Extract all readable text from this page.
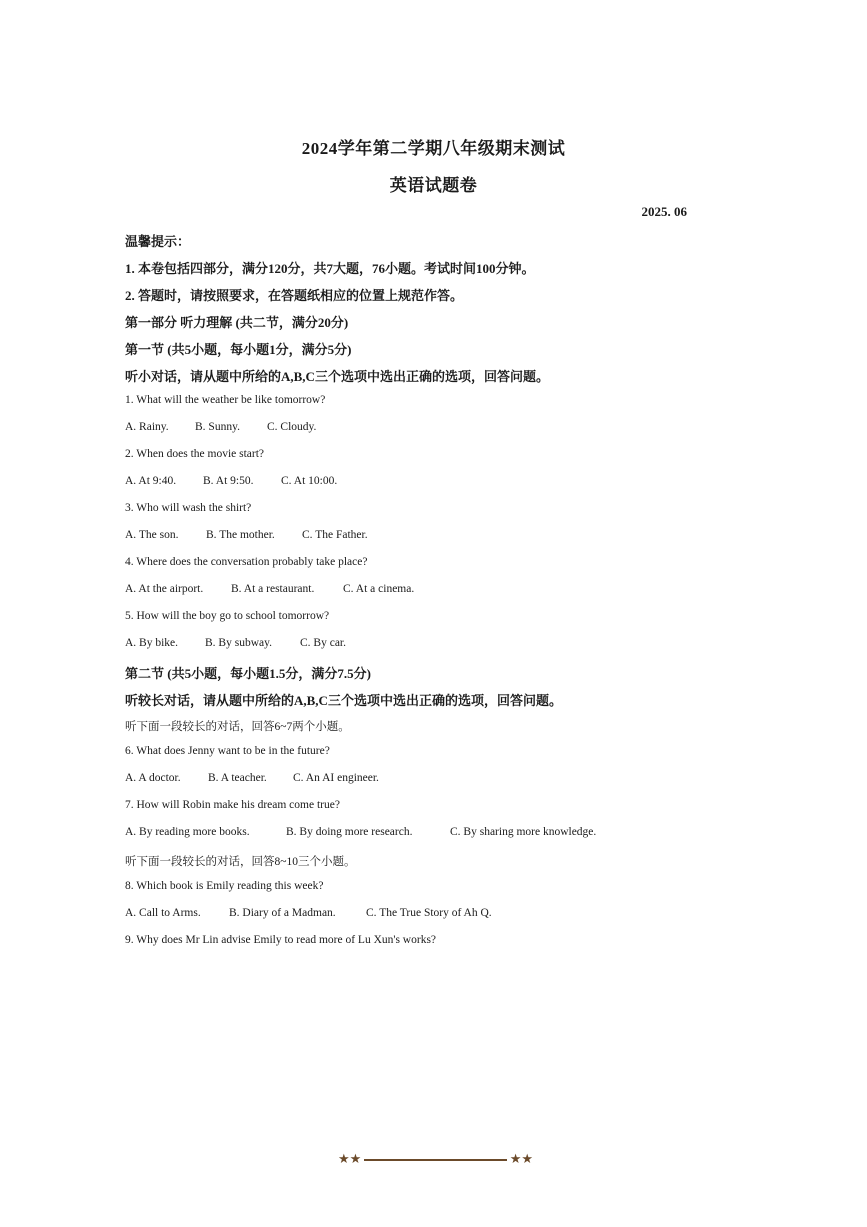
2024学年第二学期八年级期末测试
英语试题卷
2025. 06
温馨提示：
1. 本卷包括四部分，满分120分，共7大题，76小题。考试时间100分钟。
2. 答题时，请按照要求，在答题纸相应的位置上规范作答。
第一部分 听力理解 (共二节，满分20分)
第一节 (共5小题，每小题1分，满分5分)
听小对话，请从题中所给的A,B,C三个选项中选出正确的选项，回答问题。
1. What will the weather be like tomorrow?
A. Rainy. B. Sunny. C. Cloudy.
2. When does the movie start?
A. At 9:40. B. At 9:50. C. At 10:00.
3. Who will wash the shirt?
A. The son. B. The mother. C. The Father.
4. Where does the conversation probably take place?
A. At the airport. B. At a restaurant. C. At a cinema.
5. How will the boy go to school tomorrow?
A. By bike. B. By subway. C. By car.
第二节 (共5小题，每小题1.5分，满分7.5分)
听较长对话，请从题中所给的A,B,C三个选项中选出正确的选项，回答问题。
听下面一段较长的对话，回答6~7两个小题。
6. What does Jenny want to be in the future?
A. A doctor. B. A teacher. C. An AI engineer.
7. How will Robin make his dream come true?
A. By reading more books.	B. By doing more research.	C. By sharing more knowledge.
听下面一段较长的对话，回答8~10三个小题。
8. Which book is Emily reading this week?
A. Call to Arms. B. Diary of a Madman.	C. The True Story of Ah Q.
9. Why does Mr Lin advise Emily to read more of Lu Xun's works?
★★	★★
